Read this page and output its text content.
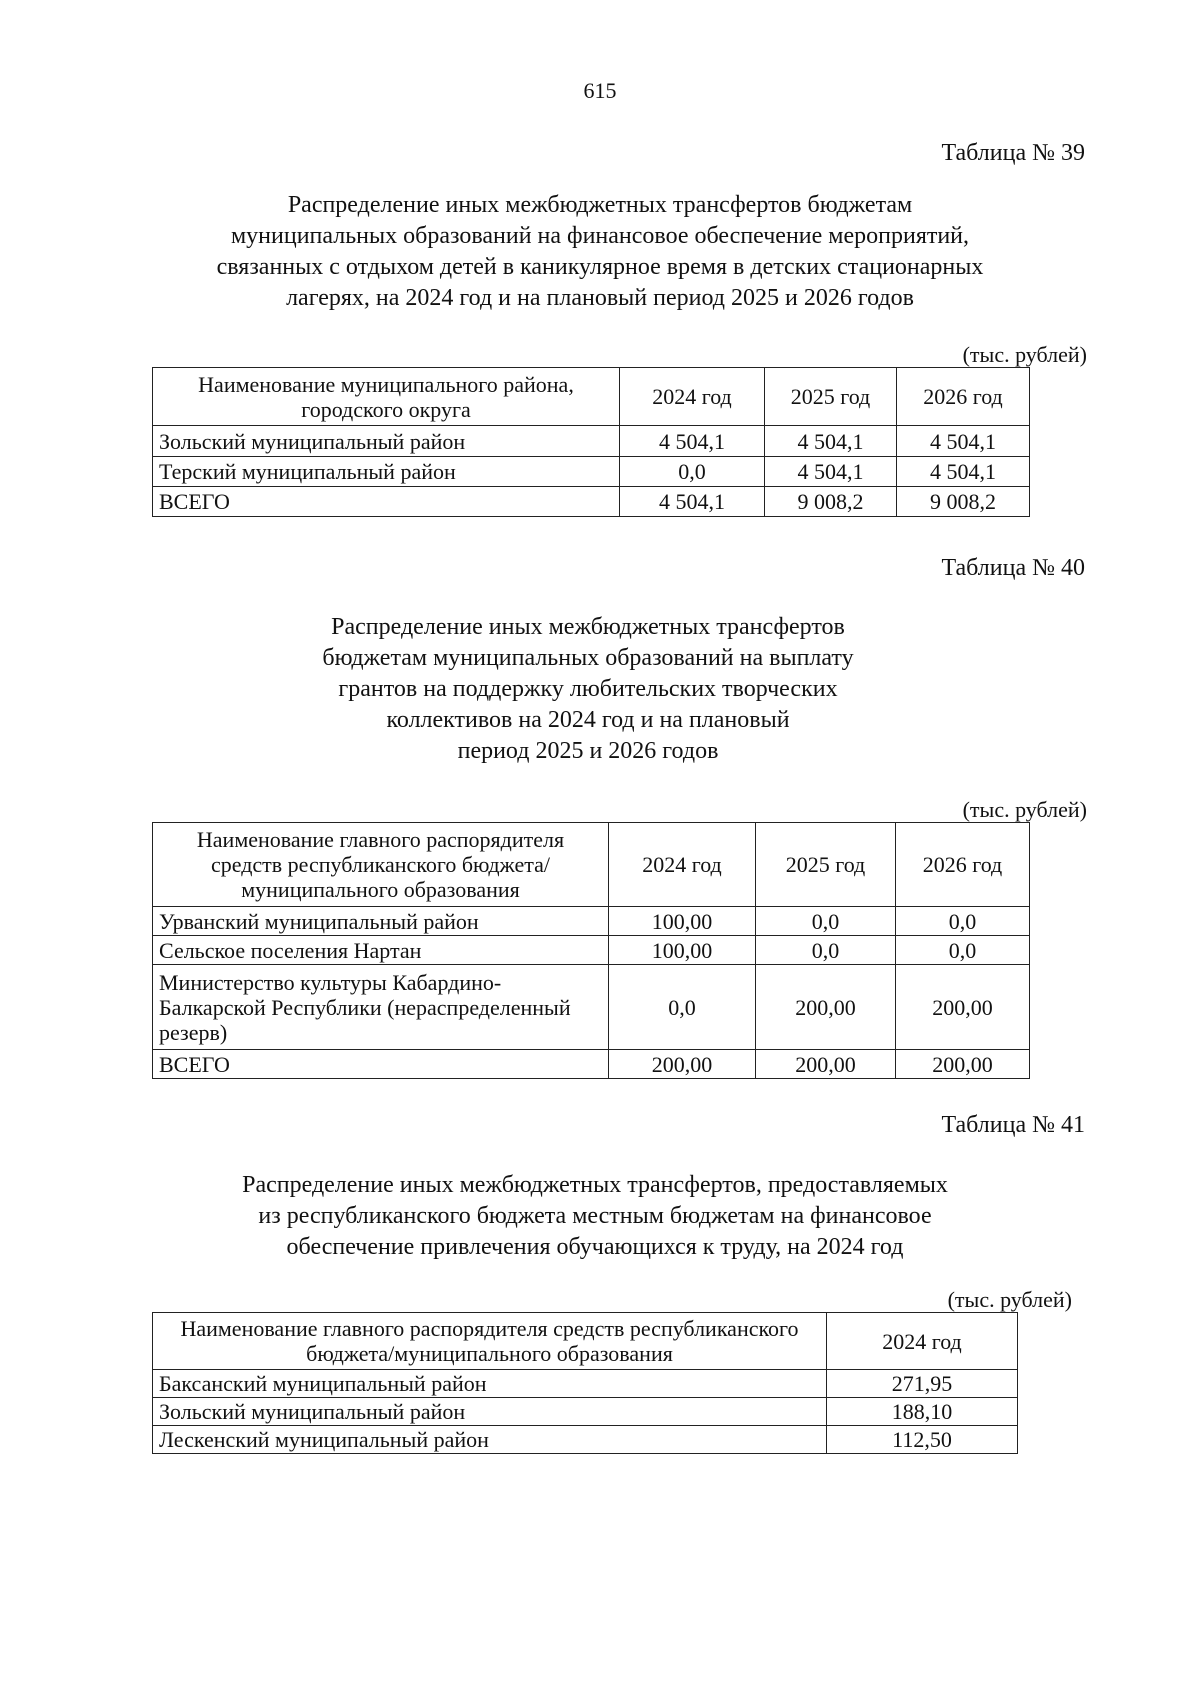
615
Таблица № 39
Распределение иных межбюджетных трансфертов бюджетам
муниципальных образований на финансовое обеспечение мероприятий,
связанных с отдыхом детей в каникулярное время в детских стационарных
лагерях, на 2024 год и на плановый период 2025 и 2026 годов
(тыс. рублей)
Наименование муниципального района, городского округа	2024 год	2025 год	2026 год
Зольский муниципальный район	4 504,1	4 504,1	4 504,1
Терский муниципальный район	0,0	4 504,1	4 504,1
ВСЕГО	4 504,1	9 008,2	9 008,2
Таблица № 40
Распределение иных межбюджетных трансфертов
бюджетам муниципальных образований на выплату
грантов на поддержку любительских творческих
коллективов на 2024 год и на плановый
период 2025 и 2026 годов
(тыс. рублей)
Наименование главного распорядителя средств республиканского бюджета/ муниципального образования	2024 год	2025 год	2026 год
Урванский муниципальный район	100,00	0,0	0,0
Сельское поселения Нартан	100,00	0,0	0,0
Министерство культуры Кабардино-Балкарской Республики (нераспределенный резерв)	0,0	200,00	200,00
ВСЕГО	200,00	200,00	200,00
Таблица № 41
Распределение иных межбюджетных трансфертов, предоставляемых
из республиканского бюджета местным бюджетам на финансовое
обеспечение привлечения обучающихся к труду, на 2024 год
(тыс. рублей)
Наименование главного распорядителя средств республиканского бюджета/муниципального образования	2024 год
Баксанский муниципальный район	271,95
Зольский муниципальный район	188,10
Лескенский муниципальный район	112,50
